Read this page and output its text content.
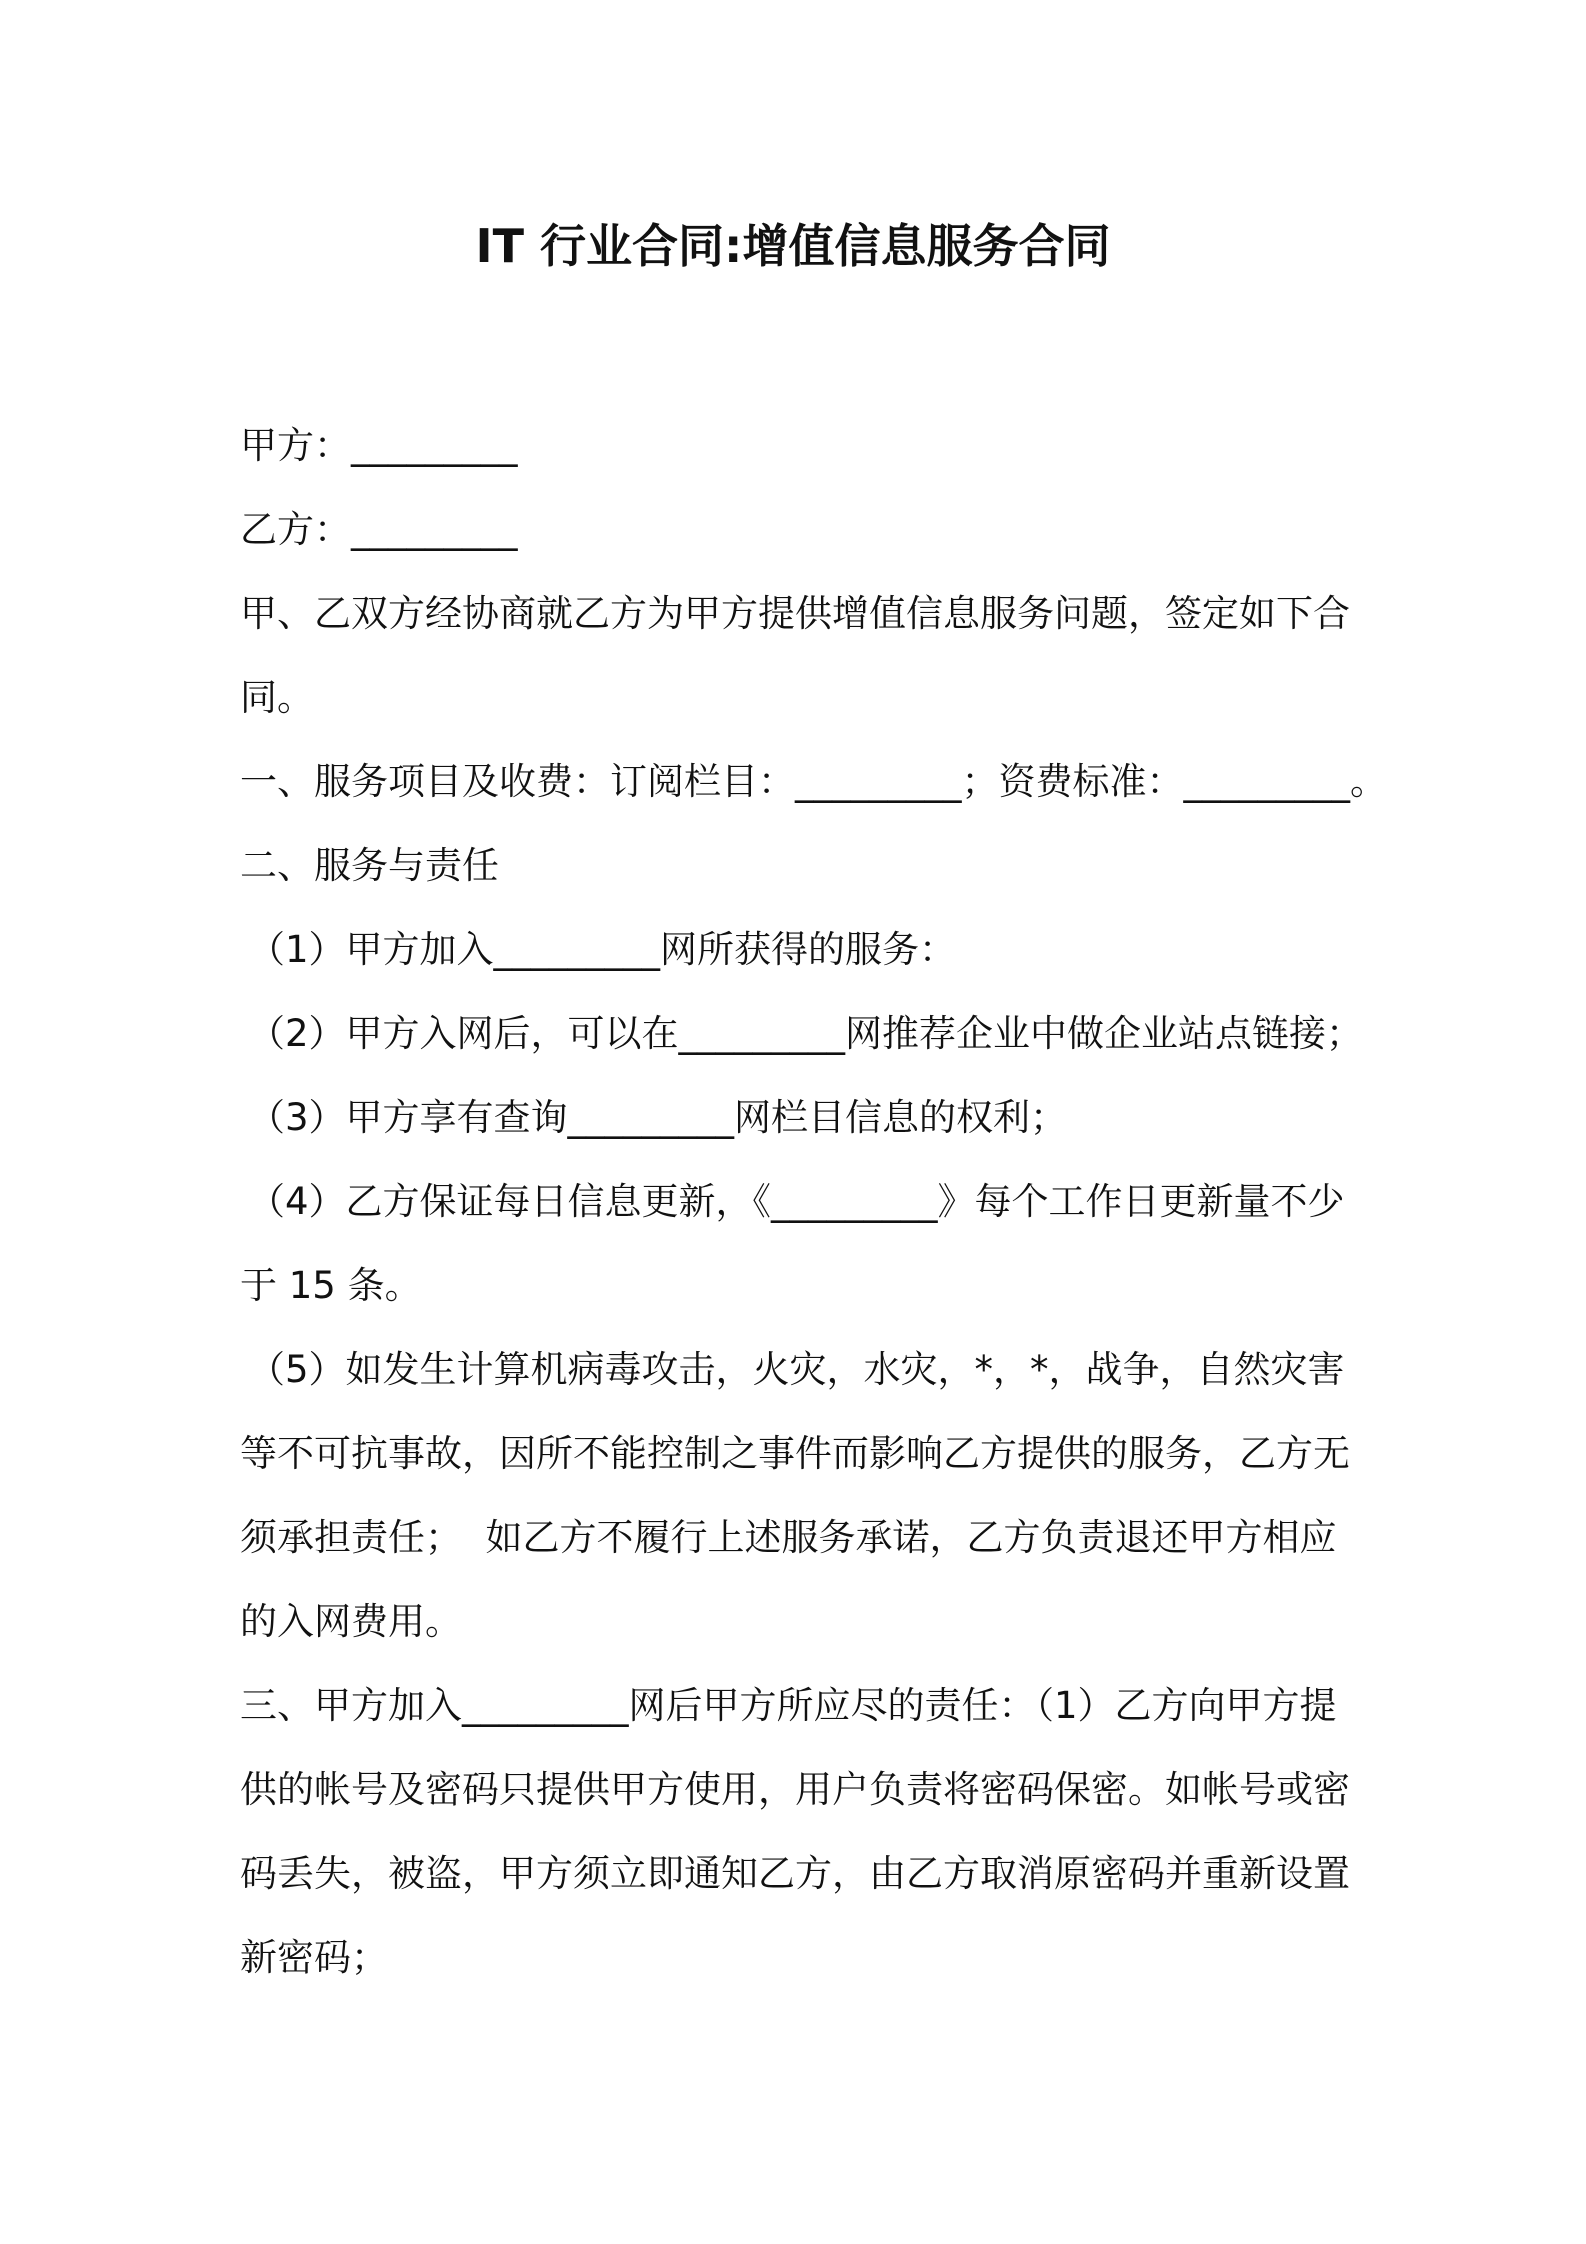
IT 行业合同:增值信息服务合同
甲方：_________
乙方：_________
甲、乙双方经协商就乙方为甲方提供增值信息服务问题，签定如下合
同。
一、服务项目及收费：订阅栏目：_________；资费标准：_________。
二、服务与责任
（1）甲方加入_________网所获得的服务：
（2）甲方入网后，可以在_________网推荐企业中做企业站点链接；
（3）甲方享有查询_________网栏目信息的权利；
（4）乙方保证每日信息更新，《_________》每个工作日更新量不少
于 15 条。
（5）如发生计算机病毒攻击，火灾，水灾，*，*，战争，自然灾害
等不可抗事故，因所不能控制之事件而影响乙方提供的服务，乙方无
须承担责任；  如乙方不履行上述服务承诺，乙方负责退还甲方相应
的入网费用。
三、甲方加入_________网后甲方所应尽的责任：（1）乙方向甲方提
供的帐号及密码只提供甲方使用，用户负责将密码保密。如帐号或密
码丢失，被盗，甲方须立即通知乙方，由乙方取消原密码并重新设置
新密码；
